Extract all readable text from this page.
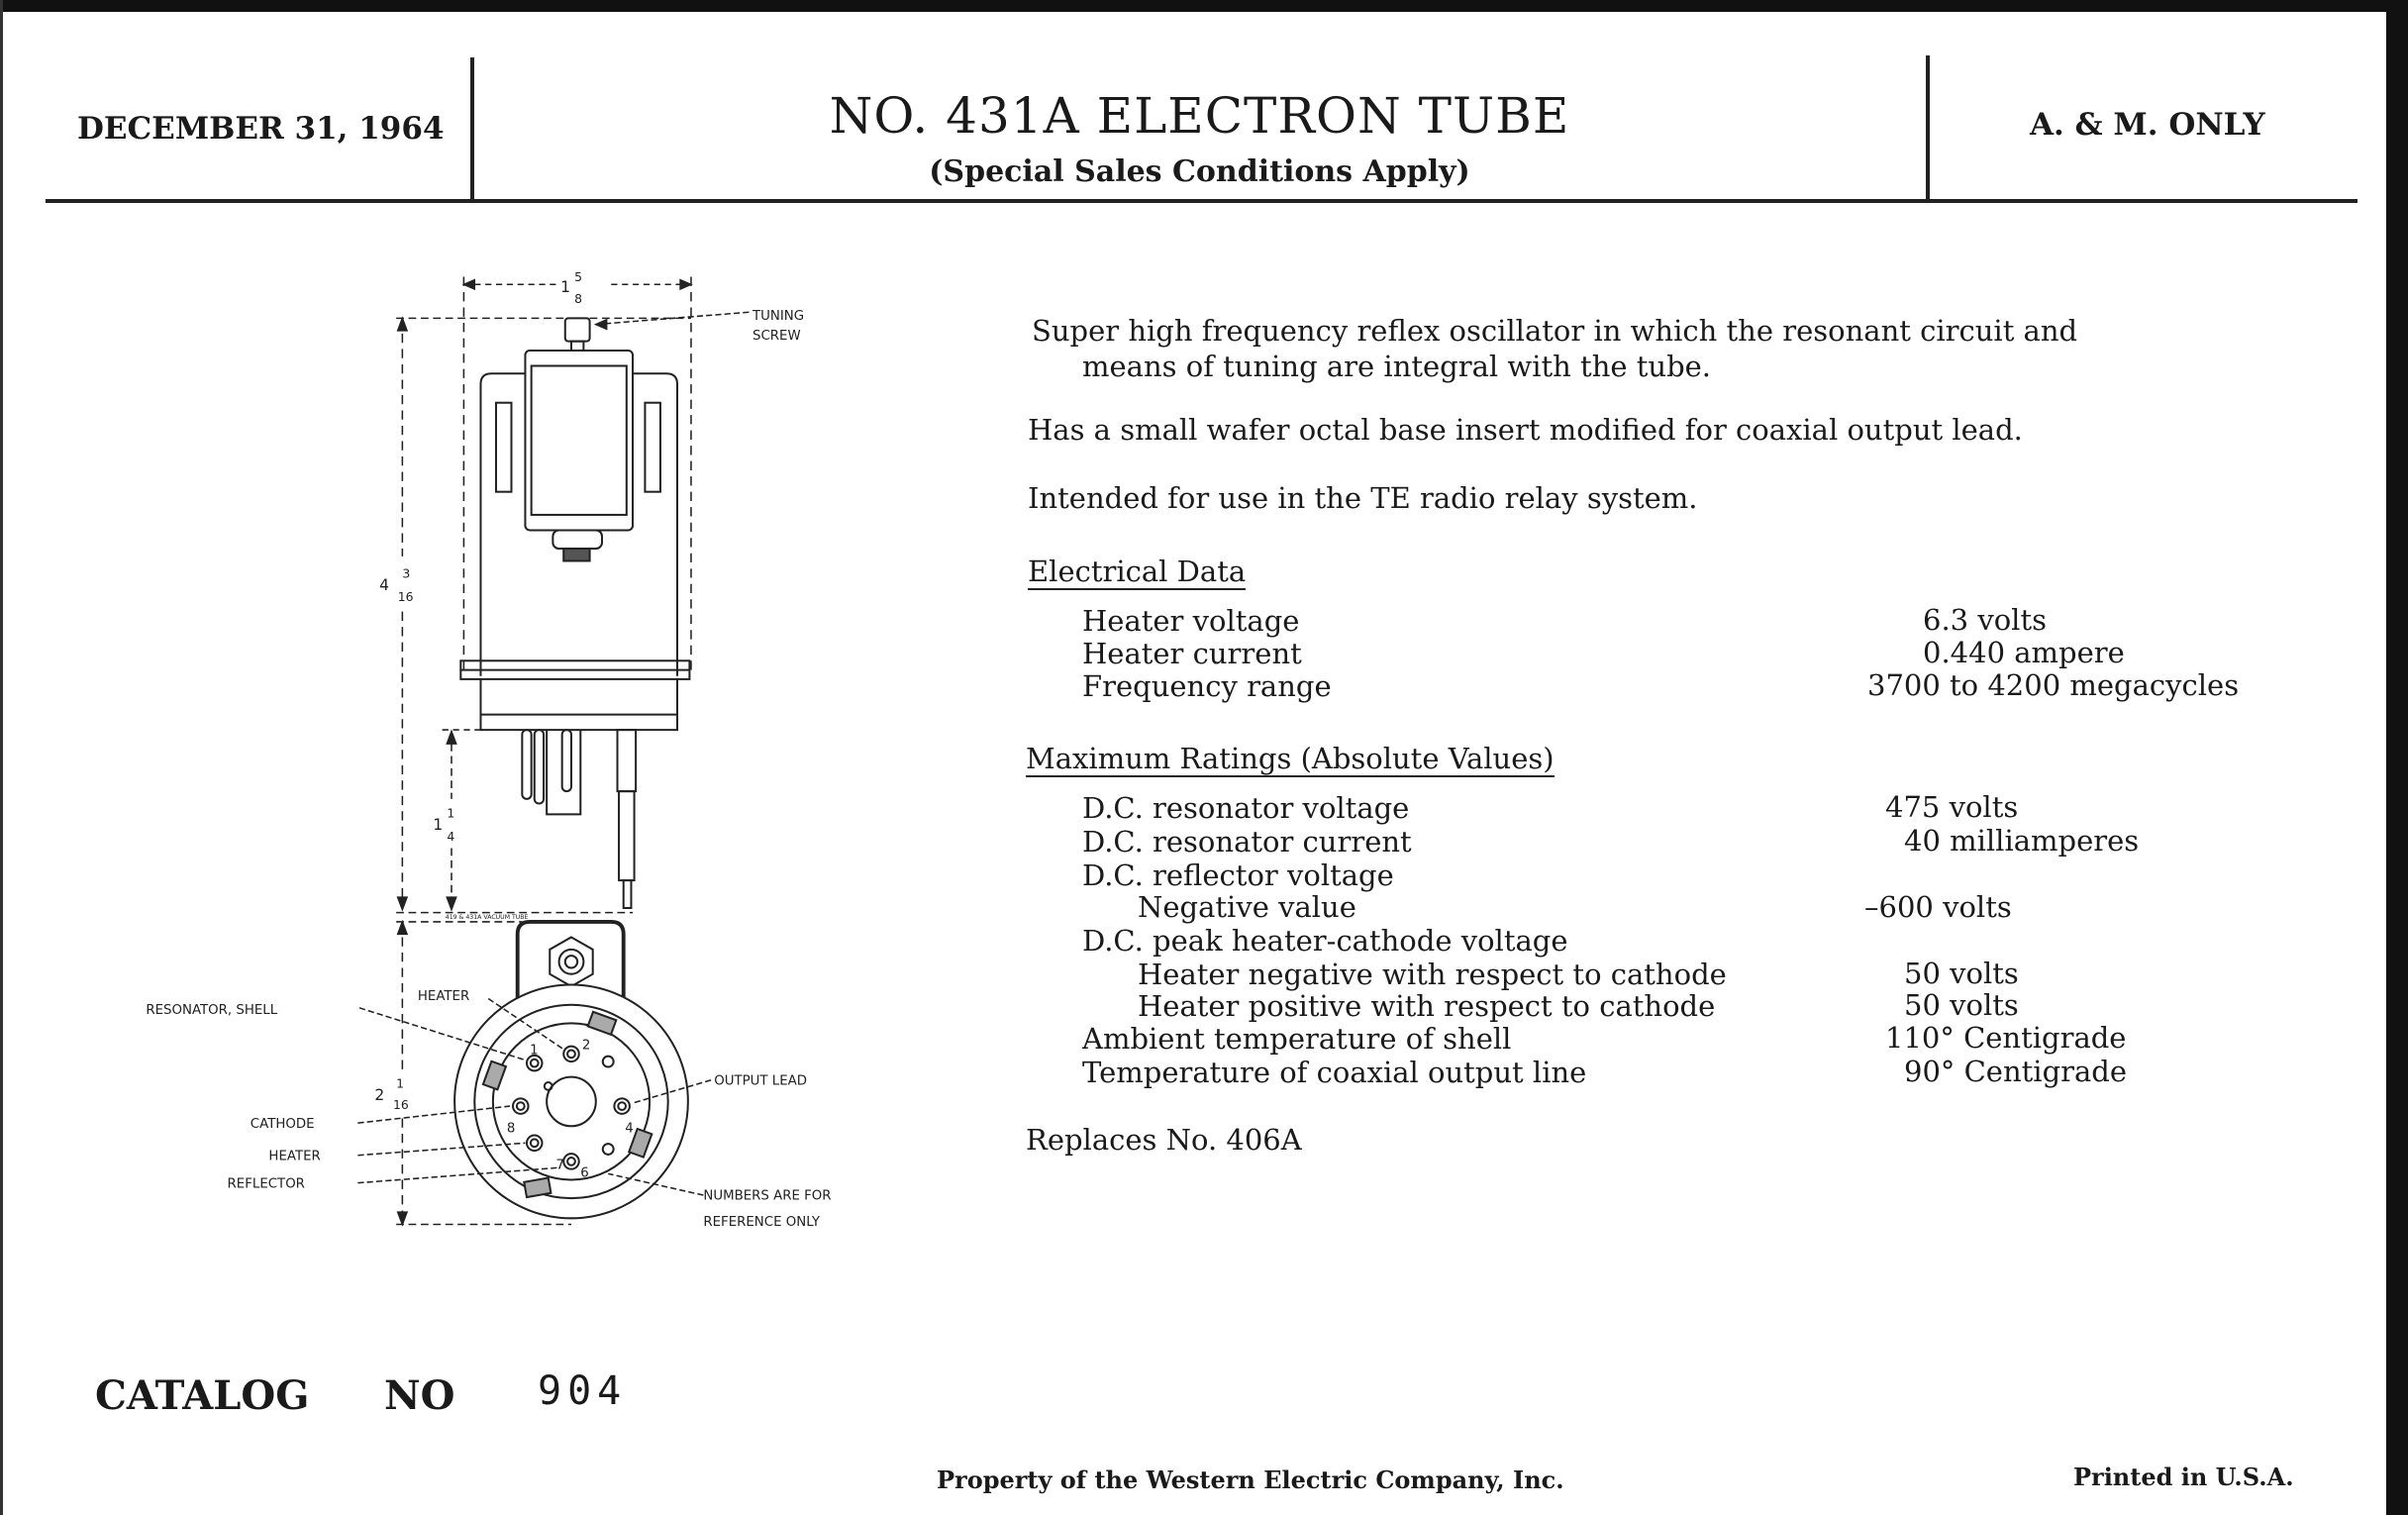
DECEMBER 31, 1964	NO. 431A ELECTRON TUBE
(Special Sales Conditions Apply)
A. & M. ONLY
Super high frequency reflex oscillator in which the resonant circuit and
means of tuning are integral with the tube.
Has a small wafer octal base insert modified for coaxial output lead.
Intended for use in the TE radio relay system.
Electrical Data
Heater voltage	6.3 volts
Heater current	0.440 ampere
Frequency range	3700 to 4200 megacycles
Maximum Ratings (Absolute Values)
D.C. resonator voltage	475 volts
D.C. resonator current	40 milliamperes
D.C. reflector voltage
Negative value	–600 volts
D.C. peak heater-cathode voltage
Heater negative with respect to cathode	50 volts
Heater positive with respect to cathode	50 volts
Ambient temperature of shell	110° Centigrade
Temperature of coaxial output line	90° Centigrade
Replaces No. 406A
TUNING
SCREW
419 & 431A VACUUM TUBE
1
5
8
4
3
16
1
1
4
2
1
16
RESONATOR, SHELL
HEATER
CATHODE
HEATER
REFLECTOR
OUTPUT LEAD
NUMBERS ARE FOR
REFERENCE ONLY
1	2
4
6
7
8
CATALOG NO 904
Property of the Western Electric Company, Inc.	Printed in U.S.A.
